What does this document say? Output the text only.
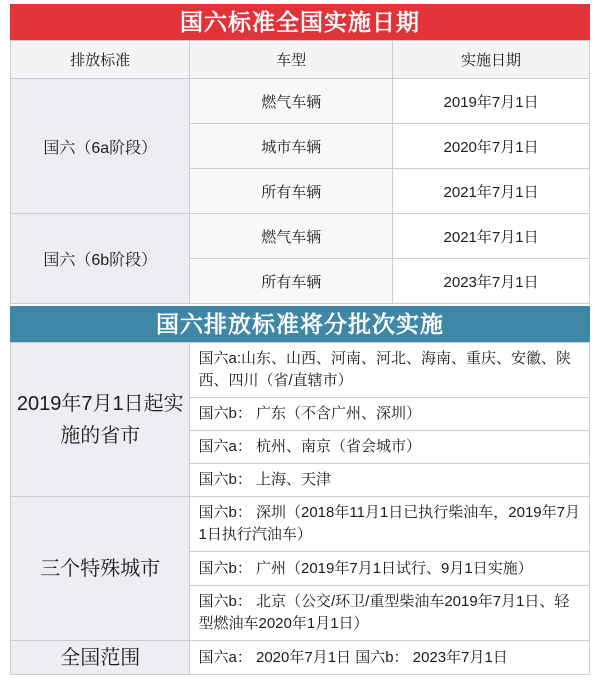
国六标准全国实施日期
排放标准	车型	实施日期
国六（6a阶段）	燃气车辆	2019年7月1日
	城市车辆	2020年7月1日
	所有车辆	2021年7月1日
国六（6b阶段）	燃气车辆	2021年7月1日
	所有车辆	2023年7月1日
国六排放标准将分批次实施
2019年7月1日起实施的省市	国六a:山东、山西、河南、河北、海南、重庆、安徽、陕西、四川（省/直辖市）
	国六b： 广东（不含广州、深圳）
	国六a： 杭州、南京（省会城市）
	国六b： 上海、天津
三个特殊城市	国六b： 深圳（2018年11月1日已执行柴油车，2019年7月1日执行汽油车）
	国六b： 广州（2019年7月1日试行、9月1日实施）
	国六b： 北京（公交/环卫/重型柴油车2019年7月1日、轻型燃油车2020年1月1日）
全国范围	国六a： 2020年7月1日 国六b： 2023年7月1日
